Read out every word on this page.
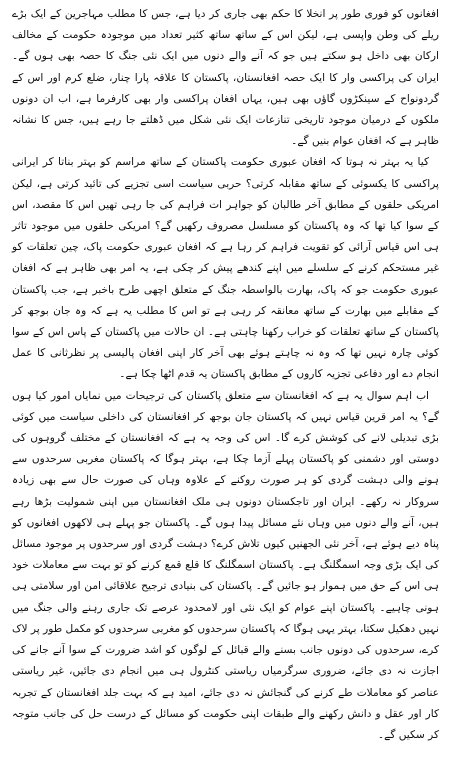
افغانوں کو فوری طور پر انخلا کا حکم بھی جاری کر دیا ہے، جس کا مطلب مہاجرین کے ایک بڑے ریلے کی وطن واپسی ہے، لیکن اس کے ساتھ ساتھ کثیر تعداد میں موجودہ حکومت کے مخالف ارکان بھی داخل ہو سکتے ہیں جو کہ آنے والے دنوں میں ایک نئی جنگ کا حصہ بھی ہوں گے۔ ایران کی پراکسی وار کا ایک حصہ افغانستان، پاکستان کا علاقہ پارا چنار، ضلع کرم اور اس کے گردونواح کے سینکڑوں گاؤں بھی ہیں، یہاں افغان پراکسی وار بھی کارفرما ہے، اب ان دونوں ملکوں کے درمیان موجود تاریخی تنازعات ایک نئی شکل میں ڈھلتے جا رہے ہیں، جس کا نشانہ ظاہر ہے کہ افغان عوام بنیں گے۔

کیا یہ بہتر نہ ہوتا کہ افغان عبوری حکومت پاکستان کے ساتھ مراسم کو بہتر بناتا کر ایرانی پراکسی کا یکسوئی کے ساتھ مقابلہ کرتی؟ حربی سیاست اسی تجزیے کی تائید کرتی ہے، لیکن امریکی حلقوں کے مطابق آخر طالبان کو جواہر ات فراہم کی جا رہی تھیں اس کا مقصد، اس کے سوا کیا تھا کہ وہ پاکستان کو مسلسل مصروف رکھیں گے؟ امریکی حلقوں میں موجود تاثر ہی اس قیاس آرائی کو تقویت فراہم کر رہا ہے کہ افغان عبوری حکومت پاک، چین تعلقات کو غیر مستحکم کرنے کے سلسلے میں اپنے کندھے پیش کر چکی ہے، یہ امر بھی ظاہر ہے کہ افغان عبوری حکومت جو کہ پاک، بھارت بالواسطہ جنگ کے متعلق اچھی طرح باخبر ہے، جب پاکستان کے مقابلے میں بھارت کے ساتھ معانقہ کر رہی ہے تو اس کا مطلب یہ ہے کہ وہ جان بوجھ کر پاکستان کے ساتھ تعلقات کو خراب رکھنا چاہتی ہے۔ ان حالات میں پاکستان کے پاس اس کے سوا کوئی چارہ نہیں تھا کہ وہ نہ چاہتے ہوئے بھی آخر کار اپنی افغان پالیسی پر نظرثانی کا عمل انجام دے اور دفاعی تجزیہ کاروں کے مطابق پاکستان یہ قدم اٹھا چکا ہے۔

اب اہم سوال یہ ہے کہ افغانستان سے متعلق پاکستان کی ترجیحات میں نمایاں امور کیا ہوں گے؟ یہ امر قرین قیاس نہیں کہ پاکستان جان بوجھ کر افغانستان کی داخلی سیاست میں کوئی بڑی تبدیلی لانے کی کوشش کرے گا۔ اس کی وجہ یہ ہے کہ افغانستان کے مختلف گروہوں کی دوستی اور دشمنی کو پاکستان پہلے آزما چکا ہے، بہتر ہوگا کہ پاکستان مغربی سرحدوں سے ہونے والی دہشت گردی کو ہر صورت روکنے کے علاوہ وہاں کی صورت حال سے بھی زیادہ سروکار نہ رکھے۔ ایران اور تاجکستان دونوں ہی ملک افغانستان میں اپنی شمولیت بڑھا رہے ہیں، آنے والے دنوں میں وہاں نئے مسائل پیدا ہوں گے۔ پاکستان جو پہلے ہی لاکھوں افغانوں کو پناہ دیے ہوئے ہے، آخر نئی الجھنیں کیوں تلاش کرے؟ دہشت گردی اور سرحدوں پر موجود مسائل کی ایک بڑی وجہ اسمگلنگ ہے۔ پاکستان اسمگلنگ کا قلع قمع کرنے کو تو بہت سے معاملات خود ہی اس کے حق میں ہموار ہو جائیں گے۔ پاکستان کی بنیادی ترجیح علاقائی امن اور سلامتی ہی ہونی چاہیے۔ پاکستان اپنے عوام کو ایک نئی اور لامحدود عرصے تک جاری رہنے والی جنگ میں نہیں دھکیل سکتا، بہتر یہی ہوگا کہ پاکستان سرحدوں کو مغربی سرحدوں کو مکمل طور پر لاک کرے، سرحدوں کی دونوں جانب بسنے والے قبائل کے لوگوں کو اشد ضرورت کے سوا آنے جانے کی اجازت نہ دی جائے، ضروری سرگرمیاں ریاستی کنٹرول ہی میں انجام دی جائیں، غیر ریاستی عناصر کو معاملات طے کرنے کی گنجائش نہ دی جائے، امید ہے کہ بہت جلد افغانستان کے تجربہ کار اور عقل و دانش رکھنے والے طبقات اپنی حکومت کو مسائل کے درست حل کی جانب متوجہ کر سکیں گے۔
